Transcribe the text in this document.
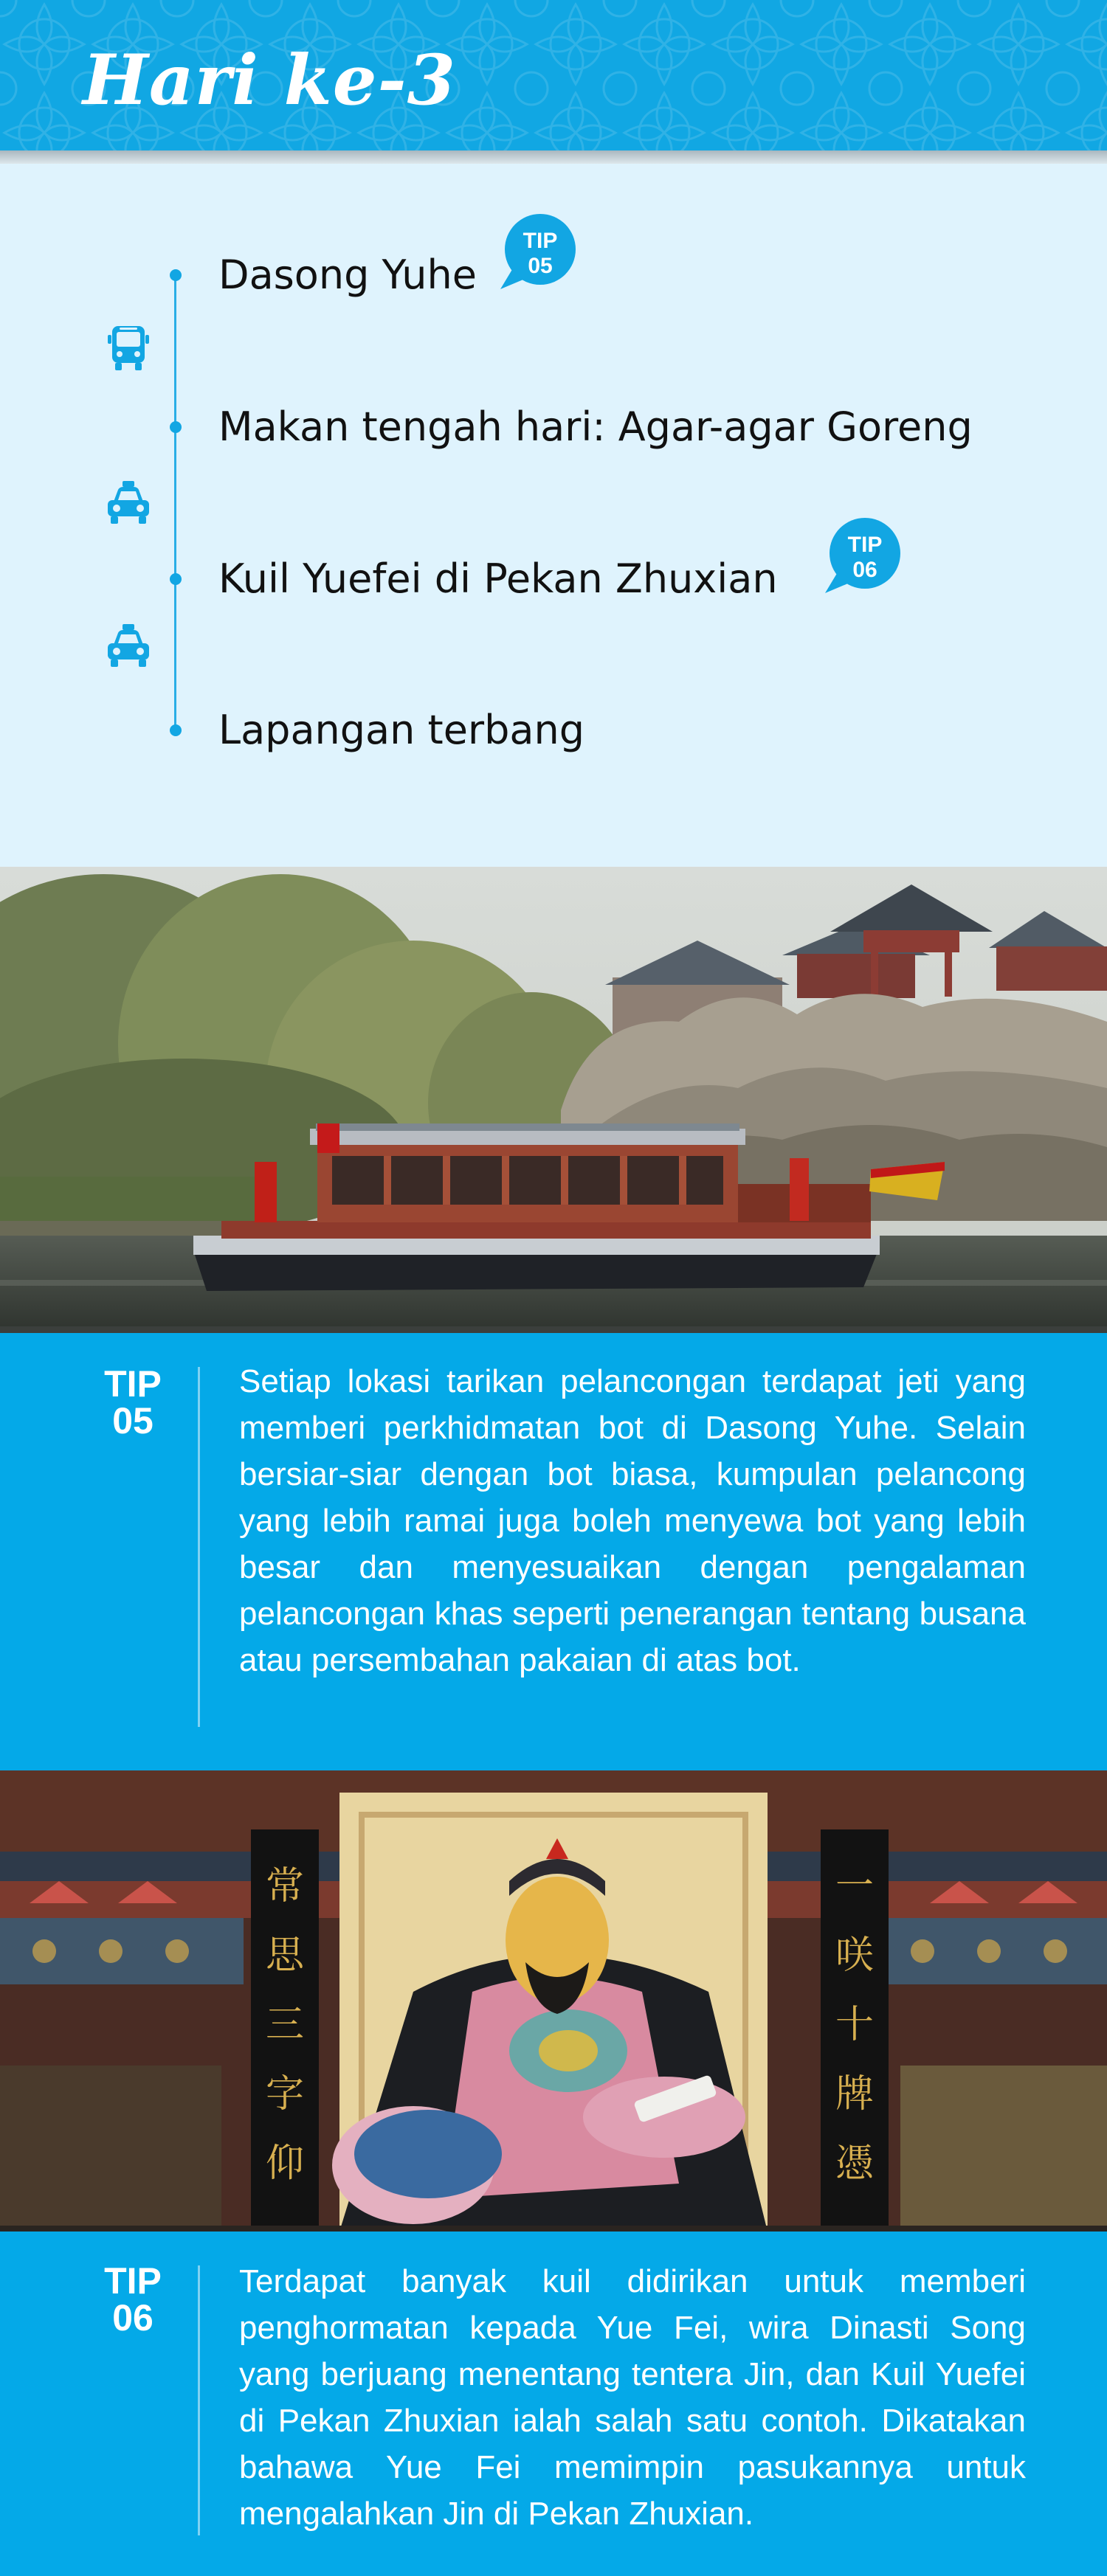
Hari ke-3
Dasong Yuhe
Makan tengah hari: Agar-agar Goreng
Kuil Yuefei di Pekan Zhuxian
Lapangan terbang
TIP
05
TIP
06
TIP
05
Setiap lokasi tarikan pelancongan terdapat jeti yang memberi perkhidmatan bot di Dasong Yuhe. Selain bersiar-siar dengan bot biasa, kumpulan pelancong yang lebih ramai juga boleh menyewa bot yang lebih besar dan menyesuaikan dengan pengalaman pelancongan khas seperti penerangan tentang busana atau persembahan pakaian di atas bot.
常
思
三
字
仰
一
咲
十
牌
憑
TIP
06
Terdapat banyak kuil didirikan untuk memberi penghormatan kepada Yue Fei, wira Dinasti Song yang berjuang menentang tentera Jin, dan Kuil Yuefei di Pekan Zhuxian ialah salah satu contoh. Dikatakan bahawa Yue Fei memimpin pasukannya untuk mengalahkan Jin di Pekan Zhuxian.
